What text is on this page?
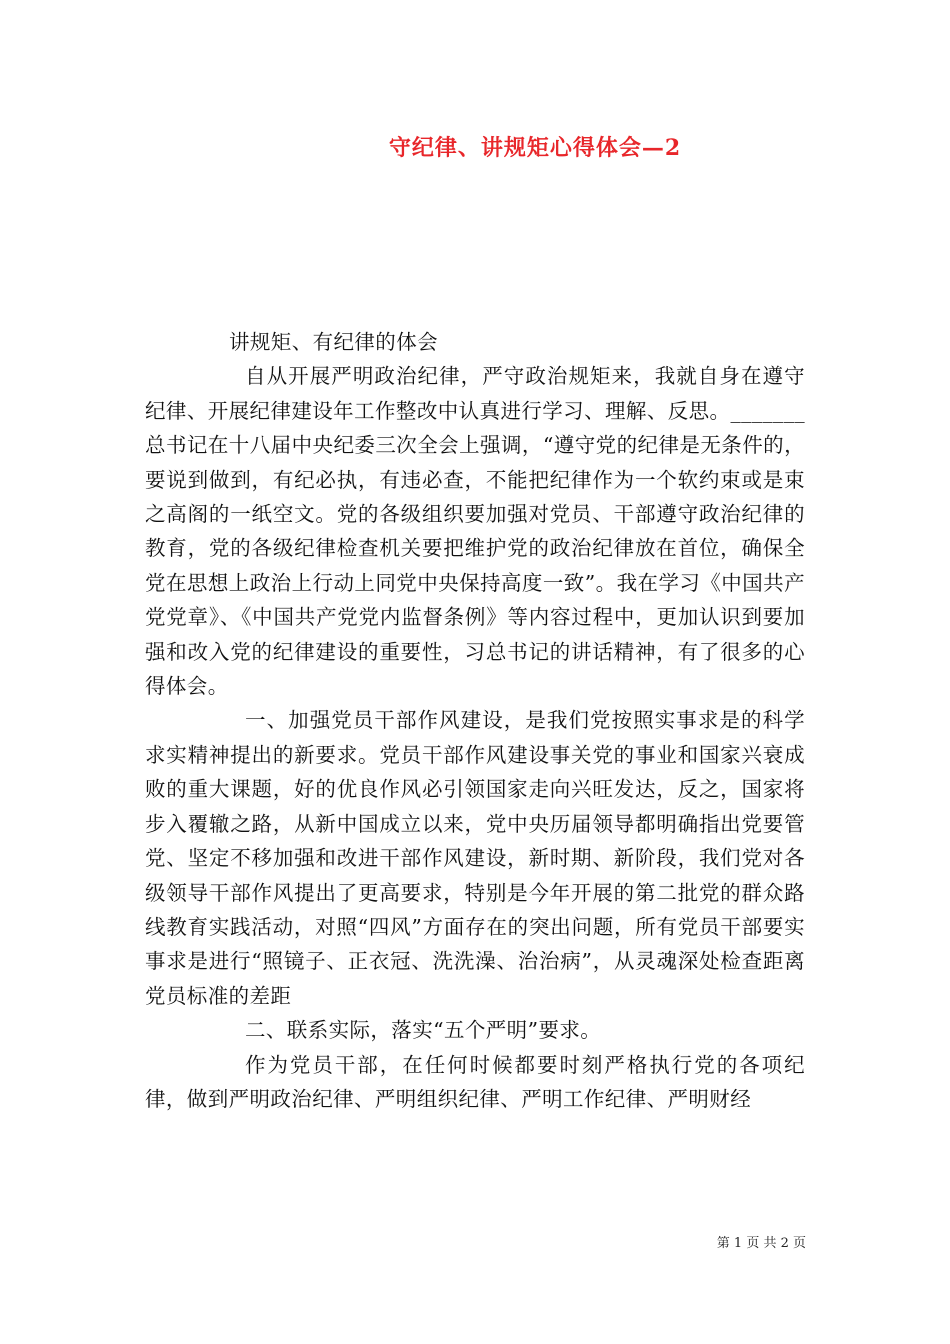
守纪律、讲规矩心得体会—2

讲规矩、有纪律的体会

自从开展严明政治纪律，严守政治规矩来，我就自身在遵守纪律、开展纪律建设年工作整改中认真进行学习、理解、反思。_______总书记在十八届中央纪委三次全会上强调，“遵守党的纪律是无条件的，要说到做到，有纪必执，有违必查，不能把纪律作为一个软约束或是束之高阁的一纸空文。党的各级组织要加强对党员、干部遵守政治纪律的教育，党的各级纪律检查机关要把维护党的政治纪律放在首位，确保全党在思想上政治上行动上同党中央保持高度一致”。我在学习《中国共产党党章》、《中国共产党党内监督条例》等内容过程中，更加认识到要加强和改入党的纪律建设的重要性，习总书记的讲话精神，有了很多的心得体会。

一、加强党员干部作风建设，是我们党按照实事求是的科学求实精神提出的新要求。党员干部作风建设事关党的事业和国家兴衰成败的重大课题，好的优良作风必引领国家走向兴旺发达，反之，国家将步入覆辙之路，从新中国成立以来，党中央历届领导都明确指出党要管党、坚定不移加强和改进干部作风建设，新时期、新阶段，我们党对各级领导干部作风提出了更高要求，特别是今年开展的第二批党的群众路线教育实践活动，对照“四风”方面存在的突出问题，所有党员干部要实事求是进行“照镜子、正衣冠、洗洗澡、治治病”，从灵魂深处检查距离党员标准的差距

二、联系实际，落实“五个严明”要求。

作为党员干部，在任何时候都要时刻严格执行党的各项纪律，做到严明政治纪律、严明组织纪律、严明工作纪律、严明财经

第 1 页 共 2 页
